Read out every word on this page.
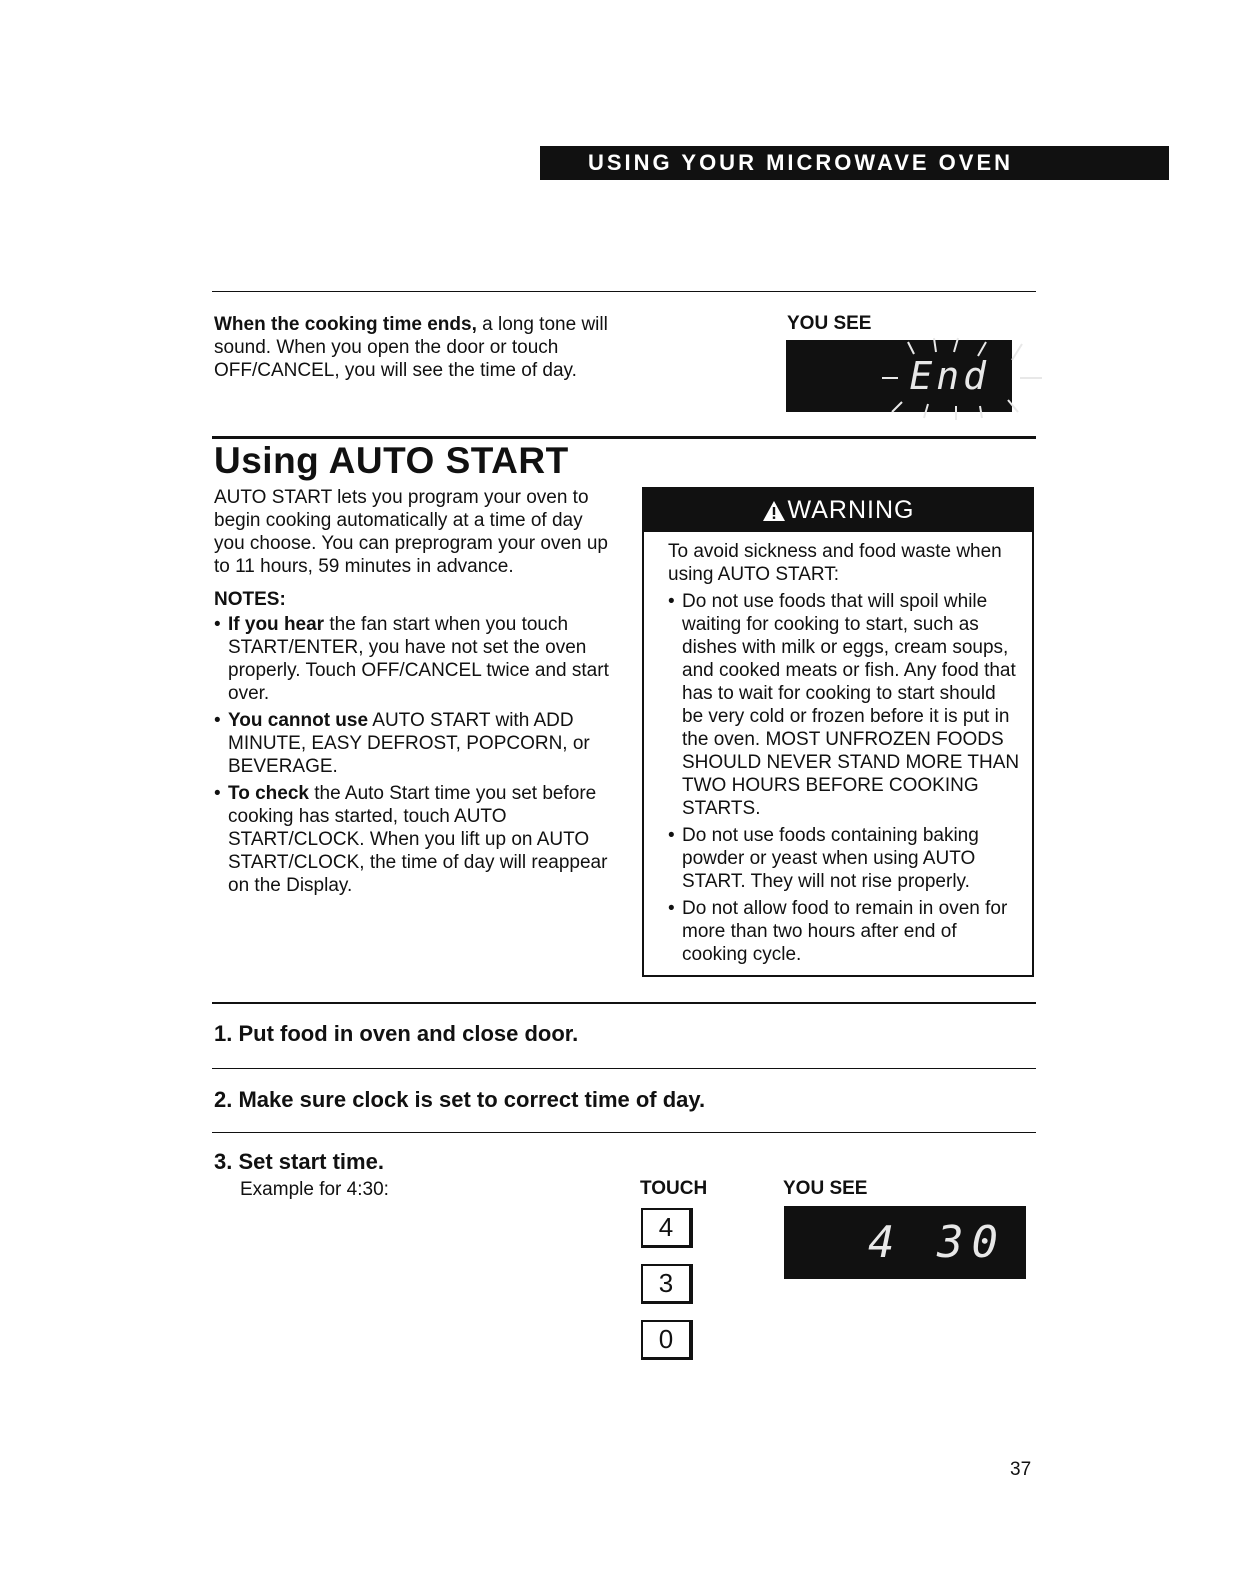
USING YOUR MICROWAVE OVEN
When the cooking time ends, a long tone will sound. When you open the door or touch OFF/CANCEL, you will see the time of day.
YOU SEE
End
Using AUTO START
AUTO START lets you program your oven to begin cooking automatically at a time of day you choose. You can preprogram your oven up to 11 hours, 59 minutes in advance.
NOTES:
• If you hear the fan start when you touch START/ENTER, you have not set the oven properly. Touch OFF/CANCEL twice and start over.
• You cannot use AUTO START with ADD MINUTE, EASY DEFROST, POPCORN, or BEVERAGE.
• To check the Auto Start time you set before cooking has started, touch AUTO START/CLOCK. When you lift up on AUTO START/CLOCK, the time of day will reappear on the Display.
WARNING

To avoid sickness and food waste when using AUTO START:

• Do not use foods that will spoil while waiting for cooking to start, such as dishes with milk or eggs, cream soups, and cooked meats or fish. Any food that has to wait for cooking to start should be very cold or frozen before it is put in the oven. MOST UNFROZEN FOODS SHOULD NEVER STAND MORE THAN TWO HOURS BEFORE COOKING STARTS.
• Do not use foods containing baking powder or yeast when using AUTO START. They will not rise properly.
• Do not allow food to remain in oven for more than two hours after end of cooking cycle.
1. Put food in oven and close door.
2. Make sure clock is set to correct time of day.
3. Set start time.
Example for 4:30:	TOUCH	YOU SEE
4
3
0
4 30
37
